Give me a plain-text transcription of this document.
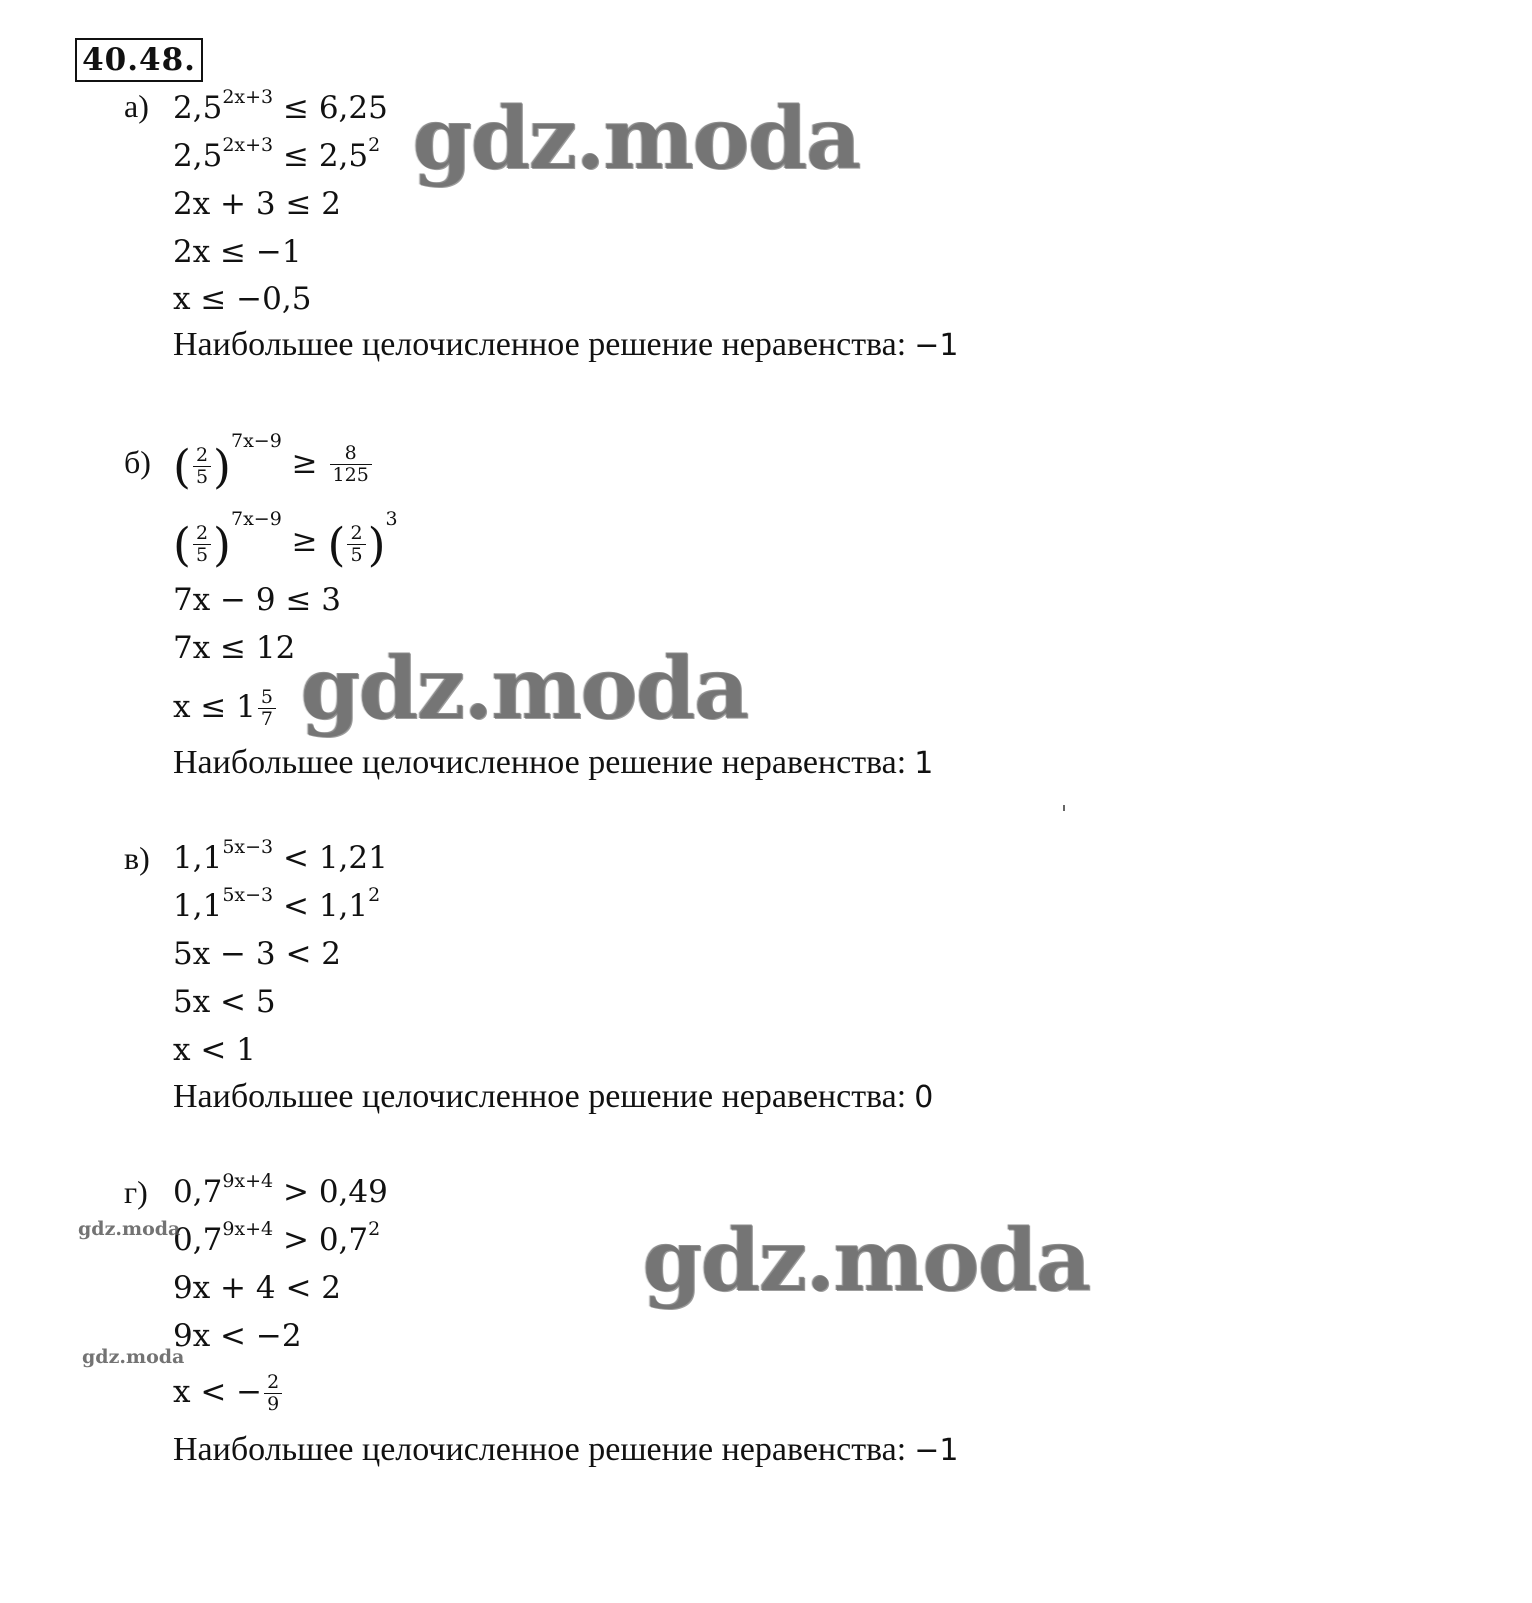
40.48.
а) $2,5^{2x+3} \le 6,25$
$2,5^{2x+3} \le 2,5^2$
2x + 3 ≤ 2
2x ≤ −1
x ≤ −0,5
Наибольшее целочисленное решение неравенства: −1
б) ( $\frac{2}{5} )^{7x-9} \ge \frac{8}{125}$
( $\frac{2}{5} )^{7x-9}$ ≥ ( $\frac{2}{5} )^3$
7x − 9 ≤ 3
7x ≤ 12
$x \le 1 \frac{5}{7}$
Наибольшее целочисленное решение неравенства: 1
в) $1,1^{5x-3} < 1,21$
$1,1^{5x-3} < 1,1^2$
5x − 3 < 2
5x < 5
x < 1
Наибольшее целочисленное решение неравенства: 0
г) $0,7^{9x+4} > 0,49$
$0,7^{9x+4} > 0,7^2$
9x + 4 < 2
9x < −2
x < − $\frac{2}{9}$
Наибольшее целочисленное решение неравенства: −1
gdz.moda
gdz.moda
gdz.moda
gdz.moda
gdz.moda
